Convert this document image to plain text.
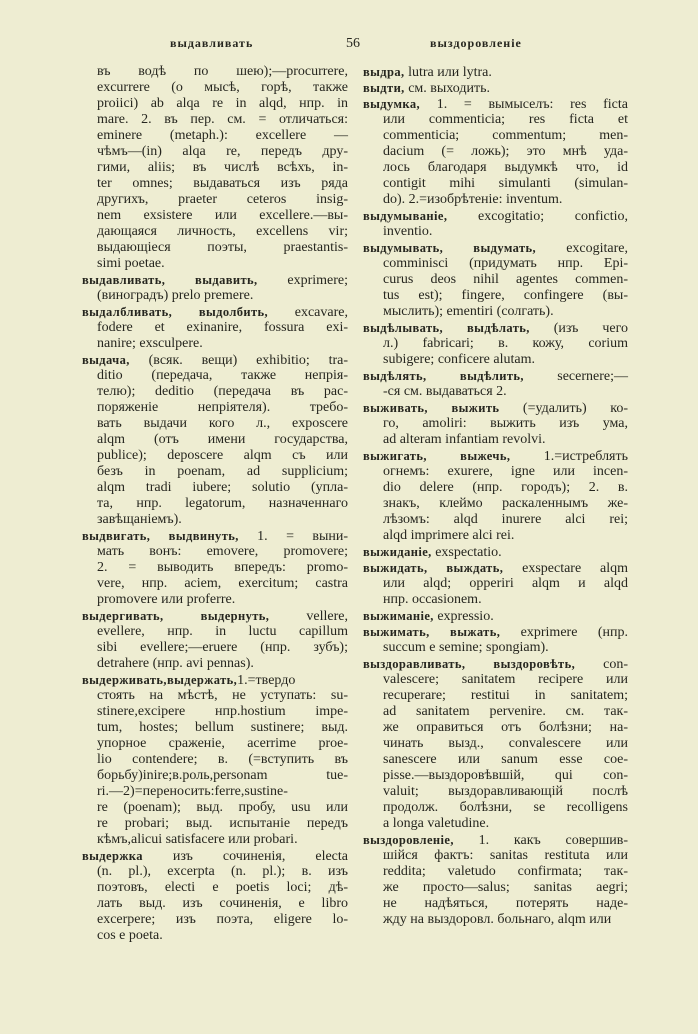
выдавливать	56	выздоровленіе
въ водѣ по шею);—procurrere,
excurrere (о мысѣ, горѣ, также
proiici) ab alqa re in alqd, нпр. in
mare. 2. въ пер. см. = отличаться:
eminere (metaph.): excellere —
чѣмъ—(in) alqa re, передъ дру-
гими, aliis; въ числѣ всѣхъ, in-
ter omnes; выдаваться изъ ряда
другихъ, praeter ceteros insig-
nem exsistere или excellere.—вы-
дающаяся личность, excellens vir;
выдающіеся поэты, praestantis-
simi poetae.
выдавливать, выдавить, exprimere;
(виноградъ) prelo premere.
выдалбливать, выдолбить, excavare,
fodere et exinanire, fossura exi-
nanire; exsculpere.
выдача, (всяк. вещи) exhibitio; tra-
ditio (передача, также непрія-
телю); deditio (передача въ рас-
поряженіе непріятеля). требо-
вать выдачи кого л., exposcere
alqm (отъ имени государства,
publice); deposcere alqm съ или
безъ in poenam, ad supplicium;
alqm tradi iubere; solutio (упла-
та, нпр. legatorum, назначеннаго
завѣщаніемъ).
выдвигать, выдвинуть, 1. = выни-
мать вонъ: emovere, promovere;
2. = выводить впередъ: promo-
vere, нпр. aciem, exercitum; castra
promovere или proferre.
выдергивать, выдернуть, vellere,
evellere, нпр. in luctu capillum
sibi evellere;—eruere (нпр. зубъ);
detrahere (нпр. avi pennas).
выдерживать,выдержать,1.=твердо
стоять на мѣстѣ, не уступать: su-
stinere,excipere нпр.hostium impe-
tum, hostes; bellum sustinere; выд.
упорное сраженіе, acerrime proe-
lio contendere; в. (=вступить въ
борьбу)inire;в.роль,personam tue-
ri.—2)=переносить:ferre,sustine-
re (poenam); выд. пробу, usu или
re probari; выд. испытаніе передъ
кѣмъ,alicui satisfacere или probari.
выдержка изъ сочиненія, electa
(n. pl.), excerpta (n. pl.); в. изъ
поэтовъ, electi e poetis loci; дѣ-
лать выд. изъ сочиненія, e libro
excerpere; изъ поэта, eligere lo-
cos e poeta.
выдра, lutra или lytra.
выдти, см. выходить.
выдумка, 1. = вымыселъ: res ficta
или commenticia; res ficta et
commenticia; commentum; men-
dacium (= ложь); это мнѣ уда-
лось благодаря выдумкѣ что, id
contigit mihi simulanti (simulan-
do). 2.=изобрѣтеніе: inventum.
выдумываніе, excogitatio; confictio,
inventio.
выдумывать, выдумать, excogitare,
comminisci (придумать нпр. Epi-
curus deos nihil agentes commen-
tus est); fingere, confingere (вы-
мыслить); ementiri (солгать).
выдѣлывать, выдѣлать, (изъ чего
л.) fabricari; в. кожу, corium
subigere; conficere alutam.
выдѣлять, выдѣлить, secernere;—
-ся см. выдаваться 2.
выживать, выжить (=удалить) ко-
го, amoliri: выжить изъ ума,
ad alteram infantiam revolvi.
выжигать, выжечь, 1.=истреблять
огнемъ: exurere, igne или incen-
dio delere (нпр. городъ); 2. в.
знакъ, клеймо раскаленнымъ же-
лѣзомъ: alqd inurere alci rei;
alqd imprimere alci rei.
выжиданіе, exspectatio.
выжидать, выждать, exspectare alqm
или alqd; opperiri alqm и alqd
нпр. occasionem.
выжиманіе, expressio.
выжимать, выжать, exprimere (нпр.
succum e semine; spongiam).
выздоравливать, выздоровѣть, con-
valescere; sanitatem recipere или
recuperare; restitui in sanitatem;
ad sanitatem pervenire. см. так-
же оправиться отъ болѣзни; на-
чинать вызд., convalescere или
sanescere или sanum esse coe-
pisse.—выздоровѣвшій, qui con-
valuit; выздоравливающій послѣ
продолж. болѣзни, se recolligens
a longa valetudine.
выздоровленіе, 1. какъ совершив-
шійся фактъ: sanitas restituta или
reddita; valetudo confirmata; так-
же просто—salus; sanitas aegri;
не надѣяться, потерять наде-
жду на выздоровл. больнаго, alqm или
